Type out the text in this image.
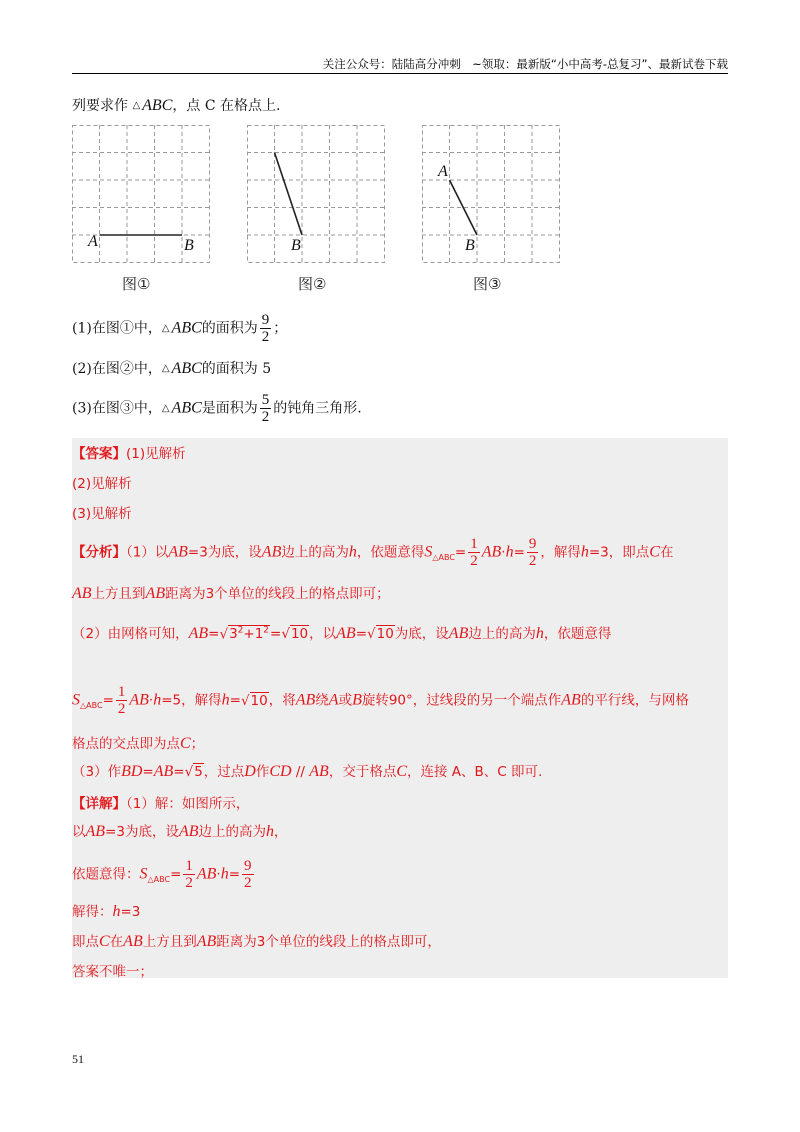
关注公众号：陆陆高分冲刺　~领取：最新版“小中高考-总复习”、最新试卷下载
列要求作 △ ABC，点 C 在格点上.
A	B
图①
B
图②
A
B
图③
(1)在图①中，△ ABC的面积为 $\frac{9}{2}$ ；
(2)在图②中，△ ABC的面积为 5
(3)在图③中，△ ABC是面积为 $\frac{5}{2}$ 的钝角三角形.
【答案】(1)见解析
(2)见解析
(3)见解析
【分析】（1）以AB=3为底，设AB边上的高为h，依题意得$S_{\triangle ABC}= \frac{1}{2} AB\cdot h= \frac{9}{2}$ ，解得h=3，即点C在
AB上方且到AB距离为3个单位的线段上的格点即可；
（2）由网格可知，$AB=√3^2+1^2=√10$，以AB=√10为底，设AB边上的高为h，依题意得
$S_{\triangle ABC}= \frac{1}{2} AB\cdot h=5$，解得h=√10，将AB绕A或B旋转90°，过线段的另一个端点作AB的平行线，与网格
格点的交点即为点C；
（3）作BD=AB=√5，过点D作CD ∕∕ AB，交于格点C，连接 A、B、C 即可.
【详解】（1）解：如图所示，
以AB=3为底，设AB边上的高为h，
依题意得：$S_{\triangle ABC}= \frac{1}{2} AB\cdot h= \frac{9}{2}$
解得：h=3
即点C在AB上方且到AB距离为3个单位的线段上的格点即可，
答案不唯一；
51
